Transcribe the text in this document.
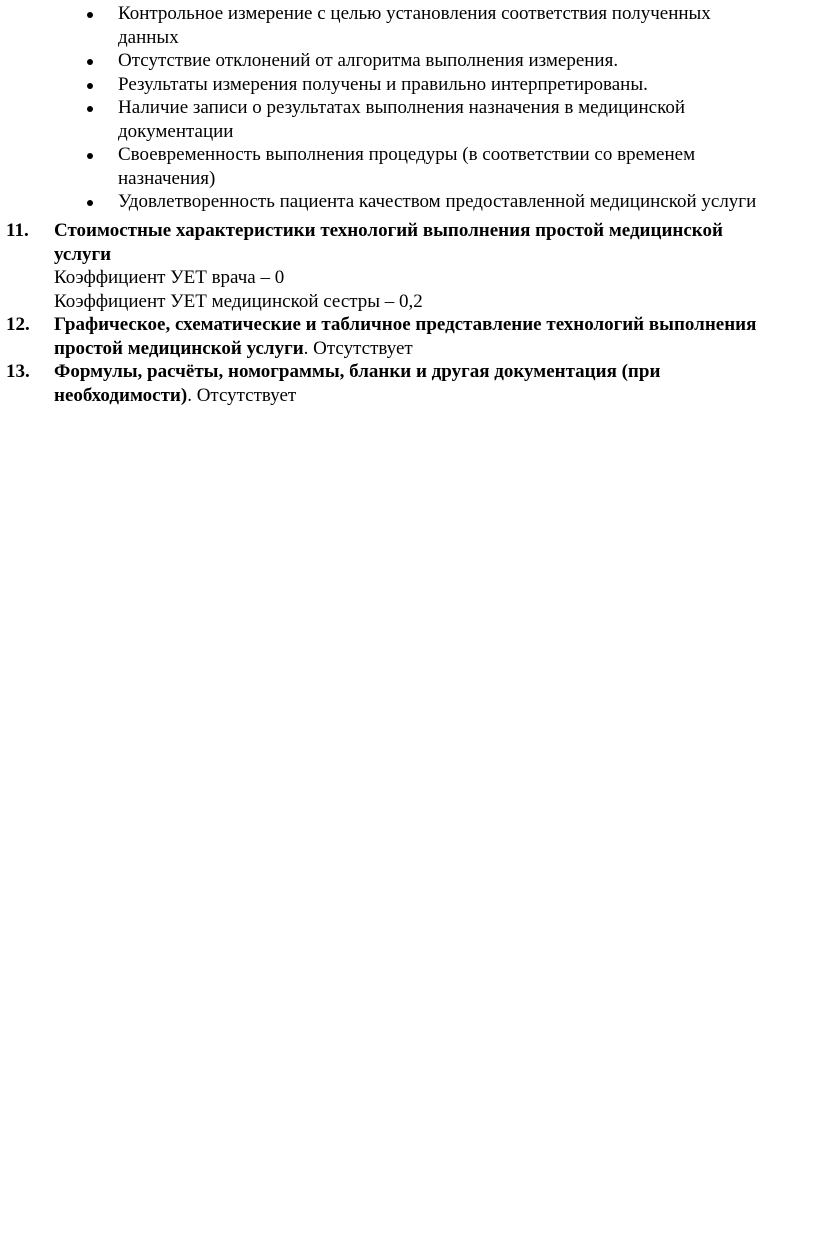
Контрольное измерение с целью установления соответствия полученных
данных
Отсутствие отклонений от алгоритма выполнения измерения.
Результаты измерения получены и правильно интерпретированы.
Наличие записи о результатах выполнения назначения в медицинской
документации
Своевременность выполнения процедуры (в соответствии со временем
назначения)
Удовлетворенность пациента качеством предоставленной медицинской услуги
11. Стоимостные характеристики технологий выполнения простой медицинской
услуги
Коэффициент УЕТ врача – 0
Коэффициент УЕТ медицинской сестры – 0,2
12. Графическое, схематические и табличное представление технологий выполнения
простой медицинской услуги. Отсутствует
13. Формулы, расчёты, номограммы, бланки и другая документация (при
необходимости). Отсутствует
